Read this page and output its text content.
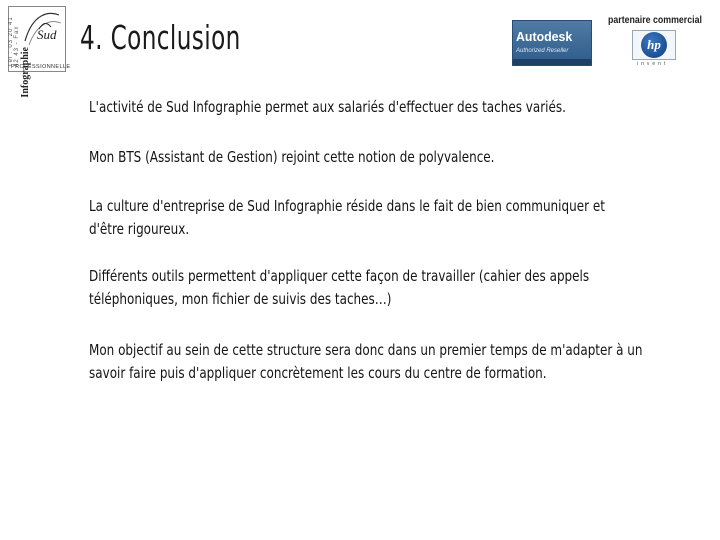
Tél : 03 20 41 42 43 - Fax Sud
Infographie
PROFESSIONNELLE
4. Conclusion	Autodesk
Authorized Reseller
partenaire commercial
hp
invent

L'activité de Sud Infographie permet aux salariés d'effectuer des taches variés.

Mon BTS (Assistant de Gestion) rejoint cette notion de polyvalence.

La culture d'entreprise de Sud Infographie réside dans le fait de bien communiquer et
d'être rigoureux.

Différents outils permettent d'appliquer cette façon de travailler (cahier des appels
téléphoniques, mon fichier de suivis des taches…)

Mon objectif au sein de cette structure sera donc dans un premier temps de m'adapter à un
savoir faire puis d'appliquer concrètement les cours du centre de formation.
